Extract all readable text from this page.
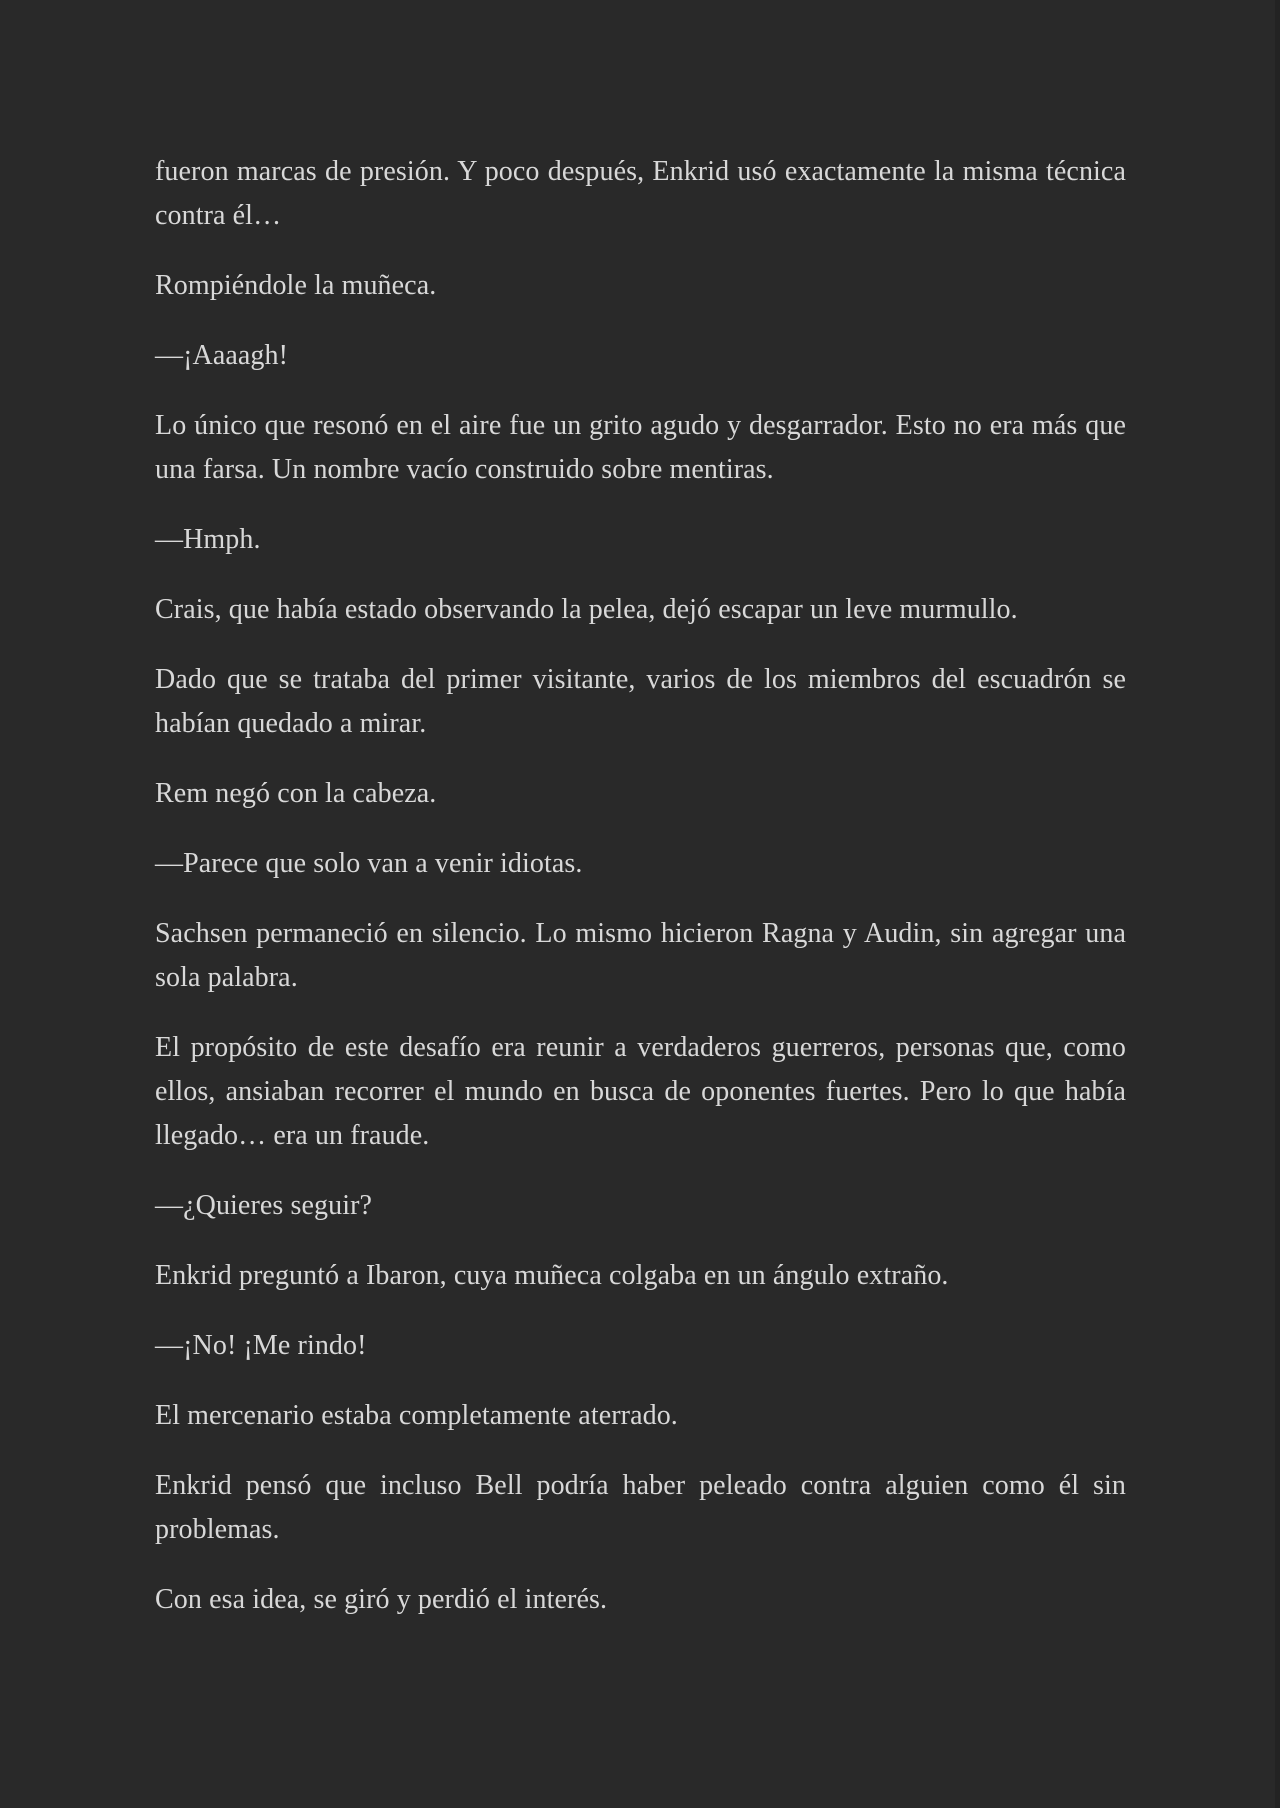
fueron marcas de presión. Y poco después, Enkrid usó exactamente la misma técnica contra él…

Rompiéndole la muñeca.

—¡Aaaagh!

Lo único que resonó en el aire fue un grito agudo y desgarrador. Esto no era más que una farsa. Un nombre vacío construido sobre mentiras.

—Hmph.

Crais, que había estado observando la pelea, dejó escapar un leve murmullo.

Dado que se trataba del primer visitante, varios de los miembros del escuadrón se habían quedado a mirar.

Rem negó con la cabeza.

—Parece que solo van a venir idiotas.

Sachsen permaneció en silencio. Lo mismo hicieron Ragna y Audin, sin agregar una sola palabra.

El propósito de este desafío era reunir a verdaderos guerreros, personas que, como ellos, ansiaban recorrer el mundo en busca de oponentes fuertes. Pero lo que había llegado… era un fraude.

—¿Quieres seguir?

Enkrid preguntó a Ibaron, cuya muñeca colgaba en un ángulo extraño.

—¡No! ¡Me rindo!

El mercenario estaba completamente aterrado.

Enkrid pensó que incluso Bell podría haber peleado contra alguien como él sin problemas.

Con esa idea, se giró y perdió el interés.
